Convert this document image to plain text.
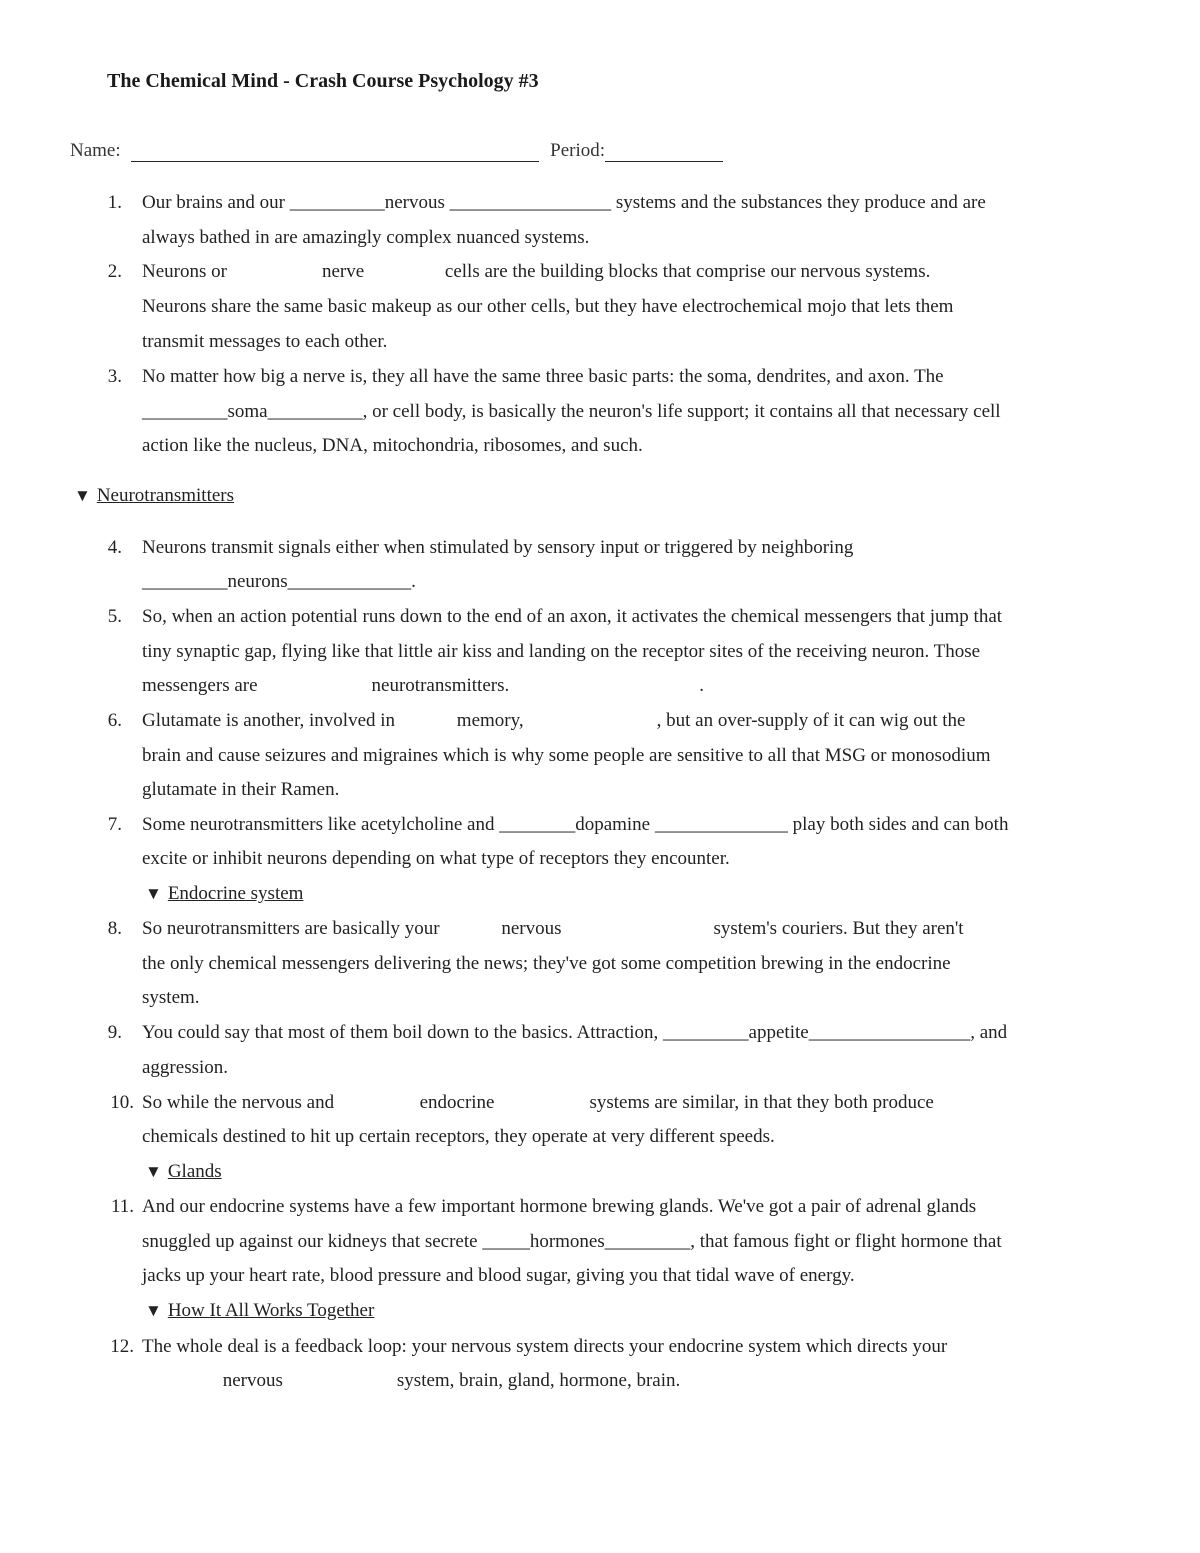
The Chemical Mind - Crash Course Psychology #3
Name:	Period:
1. Our brains and our __________nervous _________________ systems and the substances they produce and are
always bathed in are amazingly complex nuanced systems.
2. Neurons or                    nerve                 cells are the building blocks that comprise our nervous systems.
Neurons share the same basic makeup as our other cells, but they have electrochemical mojo that lets them
transmit messages to each other.
3. No matter how big a nerve is, they all have the same three basic parts: the soma, dendrites, and axon. The
_________soma__________, or cell body, is basically the neuron's life support; it contains all that necessary cell
action like the nucleus, DNA, mitochondria, ribosomes, and such.
▼ Neurotransmitters
4. Neurons transmit signals either when stimulated by sensory input or triggered by neighboring
_________neurons_____________.
5. So, when an action potential runs down to the end of an axon, it activates the chemical messengers that jump that
tiny synaptic gap, flying like that little air kiss and landing on the receptor sites of the receiving neuron. Those
messengers are                        neurotransmitters.                                        .
6. Glutamate is another, involved in             memory,                            , but an over-supply of it can wig out the
brain and cause seizures and migraines which is why some people are sensitive to all that MSG or monosodium
glutamate in their Ramen.
7. Some neurotransmitters like acetylcholine and ________dopamine ______________ play both sides and can both
excite or inhibit neurons depending on what type of receptors they encounter.
▼ Endocrine system
8. So neurotransmitters are basically your             nervous                                system's couriers. But they aren't
the only chemical messengers delivering the news; they've got some competition brewing in the endocrine
system.
9. You could say that most of them boil down to the basics. Attraction, _________appetite_________________, and
aggression.
10. So while the nervous and                  endocrine                    systems are similar, in that they both produce
chemicals destined to hit up certain receptors, they operate at very different speeds.
▼ Glands
11. And our endocrine systems have a few important hormone brewing glands. We've got a pair of adrenal glands
snuggled up against our kidneys that secrete _____hormones_________, that famous fight or flight hormone that
jacks up your heart rate, blood pressure and blood sugar, giving you that tidal wave of energy.
▼ How It All Works Together
12. The whole deal is a feedback loop: your nervous system directs your endocrine system which directs your
nervous                        system, brain, gland, hormone, brain.
